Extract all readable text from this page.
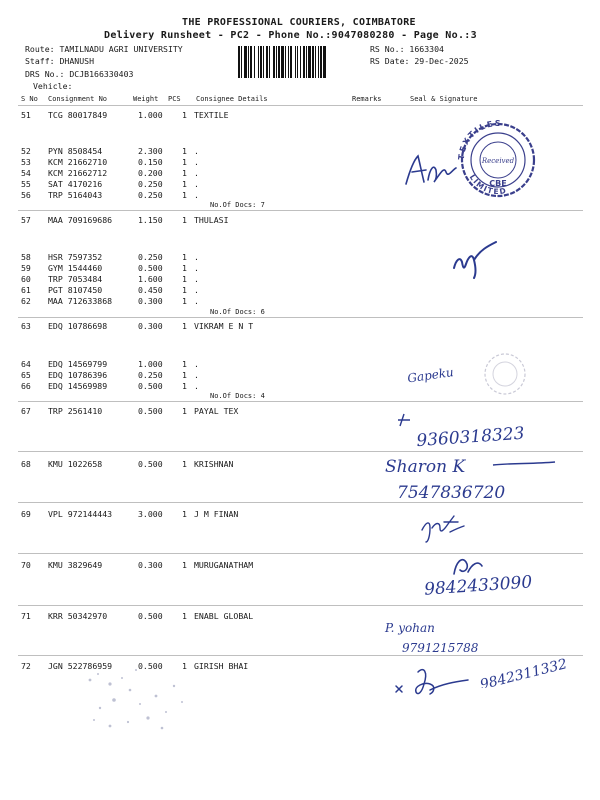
THE PROFESSIONAL COURIERS, COIMBATORE
Delivery Runsheet - PC2 - Phone No.:9047080280 - Page No.:3
Route: TAMILNADU AGRI UNIVERSITY
Staff: DHANUSH
DRS No.: DCJB166330403
Vehicle:
RS No.: 1663304
RS Date: 29-Dec-2025
S No Consignment No	Weight PCS Consignee Details	Remarks	Seal & Signature
51 TCG 80017849	1.000 1 TEXTILE
52 PYN 8508454	2.300 1 .
53 KCM 21662710	0.150 1 .
54 KCM 21662712	0.200 1 .
55 SAT 4170216	0.250 1 .
56 TRP 5164043	0.250 1 .
No.Of Docs: 7
57 MAA 709169686	1.150 1 THULASI
58 HSR 7597352	0.250 1 .
59 GYM 1544460	0.500 1 .
60 TRP 7053484	1.600 1 .
61 PGT 8107450	0.450 1 .
62 MAA 712633868	0.300 1 .
No.Of Docs: 6
63 EDQ 10786698	0.300 1 VIKRAM E N T
64 EDQ 14569799	1.000 1 .
65 EDQ 10786396	0.250 1 .
66 EDQ 14569989	0.500 1 .
No.Of Docs: 4
67 TRP 2561410	0.500 1 PAYAL TEX
68 KMU 1022658	0.500 1 KRISHNAN
69 VPL 972144443	3.000 1 J M FINAN
70 KMU 3829649	0.300 1 MURUGANATHAM
71 KRR 50342970	0.500 1 ENABL GLOBAL
72 JGN 522786959	0.500 1 GIRISH BHAI
TEXTILES
LIMITED
Received
CBE
Gapeku
9360318323
Sharon K
7547836720
9842433090
P. yohan
9791215788
9842311332
